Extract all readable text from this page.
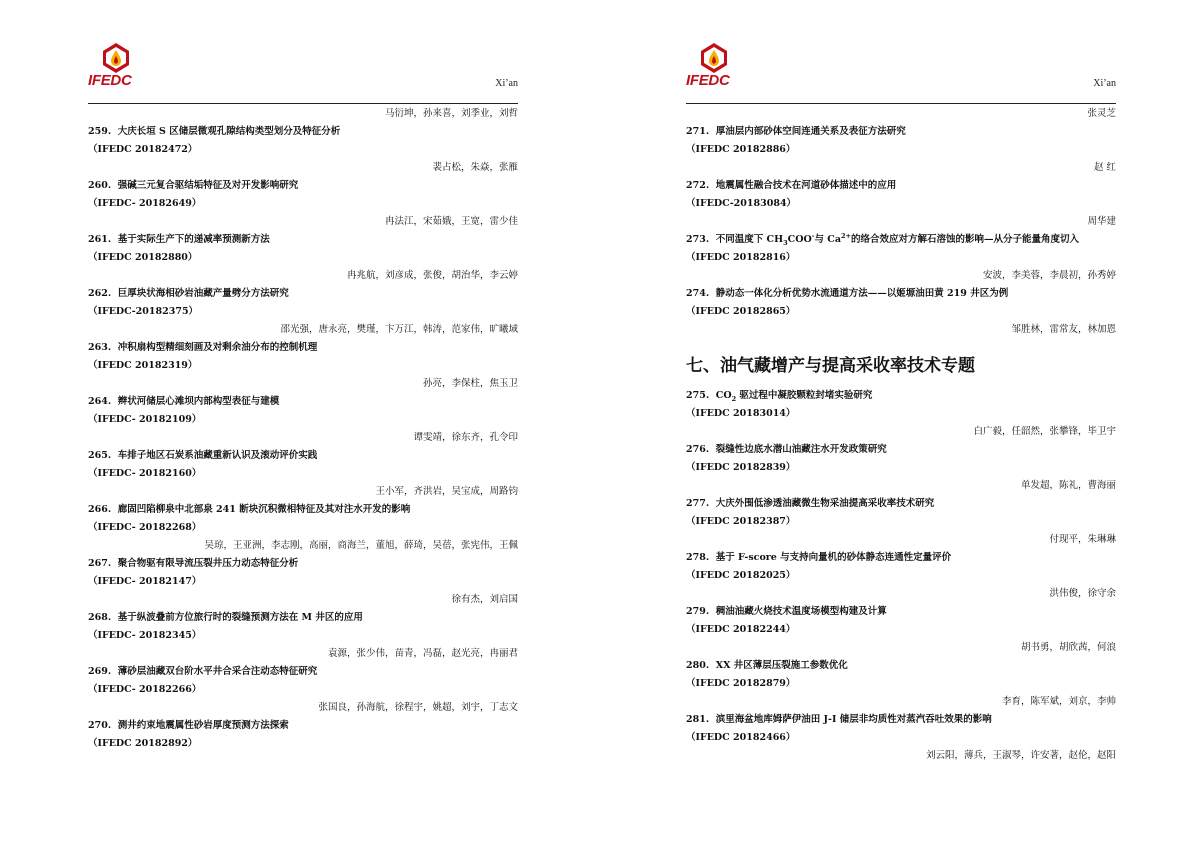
IFEDC	Xi’an
马衍坤，孙来喜，刘季业，刘哲
259.  大庆长垣 S 区储层微观孔隙结构类型划分及特征分析
（IFEDC 20182472）
裴占松，朱焱，张雁
260.  强碱三元复合驱结垢特征及对开发影响研究
（IFEDC- 20182649）
冉法江，宋茹娥，王宽，雷少佳
261.  基于实际生产下的递减率预测新方法
（IFEDC 20182880）
冉兆航，刘彦成，张俊，胡治华，李云婷
262.  巨厚块状海相砂岩油藏产量劈分方法研究
（IFEDC-20182375）
邵光强，唐永亮，樊瑾，卞万江，韩涛，范家伟，旷曦域
263.  冲积扇构型精细刻画及对剩余油分布的控制机理
（IFEDC 20182319）
孙亮，李保柱，焦玉卫
264.  辫状河储层心滩坝内部构型表征与建模
（IFEDC- 20182109）
谭雯靖，徐东齐，孔令印
265.  车排子地区石炭系油藏重新认识及滚动评价实践
（IFEDC- 20182160）
王小军，齐洪岩，吴宝成，周路钧
266.  廊固凹陷柳泉中北部泉 241 断块沉积微相特征及其对注水开发的影响
（IFEDC- 20182268）
吴琼，王亚洲，李志刚，高丽，商海兰，董旭，薛琦，吴蓓，张宪伟，王佩
267.  聚合物驱有限导流压裂井压力动态特征分析
（IFEDC- 20182147）
徐有杰，刘启国
268.  基于纵波叠前方位旅行时的裂缝预测方法在 M 井区的应用
（IFEDC- 20182345）
袁源，张少伟，苗青，冯磊，赵光亮，冉丽君
269.  薄砂层油藏双台阶水平井合采合注动态特征研究
（IFEDC- 20182266）
张国良，孙海航，徐程宇，姚超，刘宇，丁志文
270.  测井约束地震属性砂岩厚度预测方法探索
（IFEDC 20182892）
IFEDC	Xi’an
张灵芝
271.  厚油层内部砂体空间连通关系及表征方法研究
（IFEDC 20182886）
赵 红
272.  地震属性融合技术在河道砂体描述中的应用
（IFEDC-20183084）
周华建
273.  不同温度下 $CH_3COO^-$与 $Ca^{2+}$的络合效应对方解石溶蚀的影响—从分子能量角度切入
（IFEDC 20182816）
安波，李美蓉，李晨初，孙秀婷
274.  静动态一体化分析优势水流通道方法——以姬塬油田黄 219 井区为例
（IFEDC 20182865）
邹胜林，雷常友，林加恩
七、油气藏增产与提高采收率技术专题
275.  $CO_2$ 驱过程中凝胶颗粒封堵实验研究
（IFEDC 20183014）
白广毅，任韶然，张攀锋，毕卫宇
276.  裂缝性边底水潜山油藏注水开发政策研究
（IFEDC 20182839）
单发超，陈礼，曹海丽
277.  大庆外围低渗透油藏微生物采油提高采收率技术研究
（IFEDC 20182387）
付现平，朱琳琳
278.  基于 F-score 与支持向量机的砂体静态连通性定量评价
（IFEDC 20182025）
洪伟俊，徐守余
279.  稠油油藏火烧技术温度场模型构建及计算
（IFEDC 20182244）
胡书勇，胡欣茜，何浪
280.  XX 井区薄层压裂施工参数优化
（IFEDC 20182879）
李育，陈军斌，刘京，李帅
281.  滨里海盆地库姆萨伊油田 J-I 储层非均质性对蒸汽吞吐效果的影响
（IFEDC 20182466）
刘云阳，薄兵，王淑琴，许安著，赵伦，赵阳
